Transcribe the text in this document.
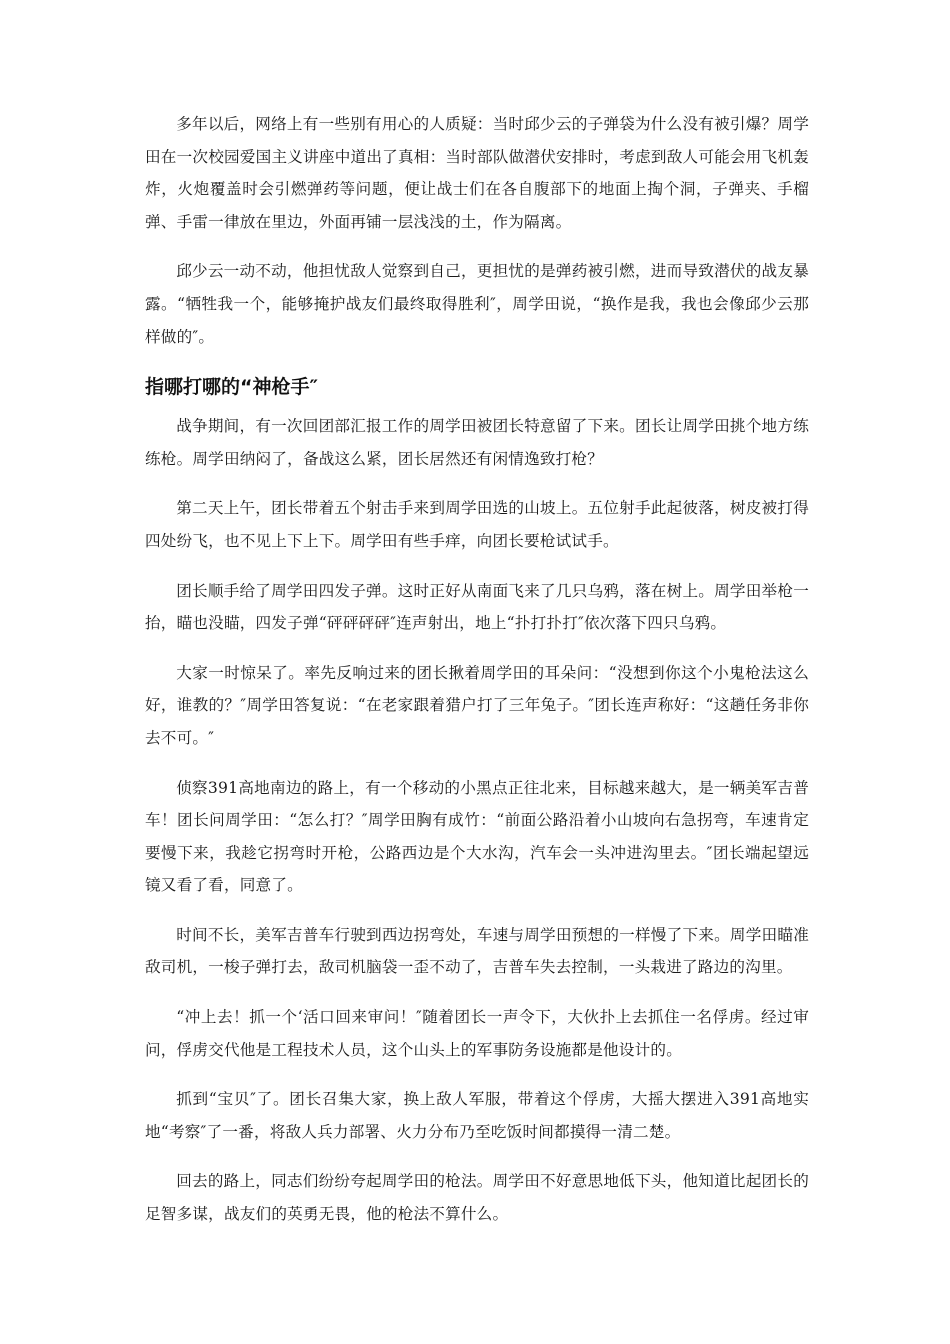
多年以后，网络上有一些别有用心的人质疑：当时邱少云的子弹袋为什么没有被引爆？周学田在一次校园爱国主义讲座中道出了真相：当时部队做潜伏安排时，考虑到敌人可能会用飞机轰炸，火炮覆盖时会引燃弹药等问题，便让战士们在各自腹部下的地面上掏个洞，子弹夹、手榴弹、手雷一律放在里边，外面再铺一层浅浅的土，作为隔离。

邱少云一动不动，他担忧敌人觉察到自己，更担忧的是弹药被引燃，进而导致潜伏的战友暴露。“牺牲我一个，能够掩护战友们最终取得胜利″，周学田说，“换作是我，我也会像邱少云那样做的″。

指哪打哪的“神枪手″

战争期间，有一次回团部汇报工作的周学田被团长特意留了下来。团长让周学田挑个地方练练枪。周学田纳闷了，备战这么紧，团长居然还有闲情逸致打枪？

第二天上午，团长带着五个射击手来到周学田选的山坡上。五位射手此起彼落，树皮被打得四处纷飞，也不见上下上下。周学田有些手痒，向团长要枪试试手。

团长顺手给了周学田四发子弹。这时正好从南面飞来了几只乌鸦，落在树上。周学田举枪一抬，瞄也没瞄，四发子弹“砰砰砰砰″连声射出，地上“扑打扑打″依次落下四只乌鸦。

大家一时惊呆了。率先反响过来的团长揪着周学田的耳朵问：“没想到你这个小鬼枪法这么好，谁教的？″周学田答复说：“在老家跟着猎户打了三年兔子。″团长连声称好：“这趟任务非你去不可。″

侦察391高地南边的路上，有一个移动的小黑点正往北来，目标越来越大，是一辆美军吉普车！团长问周学田：“怎么打？″周学田胸有成竹：“前面公路沿着小山坡向右急拐弯，车速肯定要慢下来，我趁它拐弯时开枪，公路西边是个大水沟，汽车会一头冲进沟里去。″团长端起望远镜又看了看，同意了。

时间不长，美军吉普车行驶到西边拐弯处，车速与周学田预想的一样慢了下来。周学田瞄准敌司机，一梭子弹打去，敌司机脑袋一歪不动了，吉普车失去控制，一头栽进了路边的沟里。

“冲上去！抓一个‘活口回来审问！″随着团长一声令下，大伙扑上去抓住一名俘虏。经过审问，俘虏交代他是工程技术人员，这个山头上的军事防务设施都是他设计的。

抓到“宝贝″了。团长召集大家，换上敌人军服，带着这个俘虏，大摇大摆进入391高地实地“考察″了一番，将敌人兵力部署、火力分布乃至吃饭时间都摸得一清二楚。

回去的路上，同志们纷纷夸起周学田的枪法。周学田不好意思地低下头，他知道比起团长的足智多谋，战友们的英勇无畏，他的枪法不算什么。
